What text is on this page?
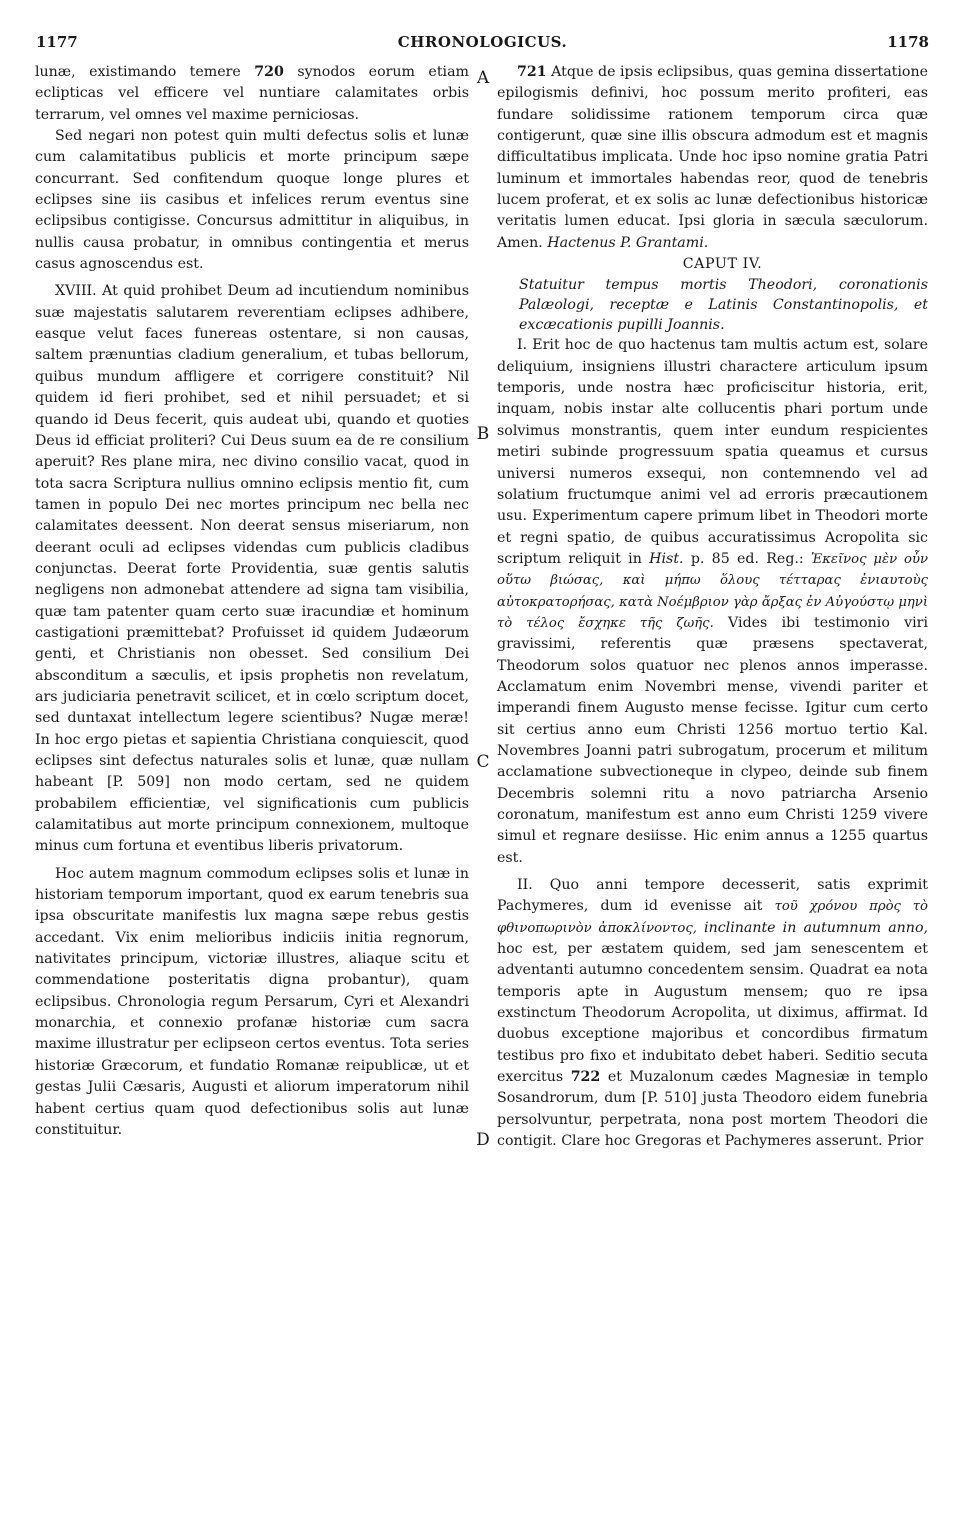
1177	CHRONOLOGICUS.	1178
A
B
C
D

lunæ, existimando temere 720 synodos eorum etiam eclipticas vel efficere vel nuntiare calamitates orbis terrarum, vel omnes vel maxime perniciosas.

Sed negari non potest quin multi defectus solis et lunæ cum calamitatibus publicis et morte principum sæpe concurrant. Sed confitendum quoque longe plures et eclipses sine iis casibus et infelices rerum eventus sine eclipsibus contigisse. Concursus admittitur in aliquibus, in nullis causa probatur, in omnibus contingentia et merus casus agnoscendus est.

XVIII. At quid prohibet Deum ad incutiendum nominibus suæ majestatis salutarem reverentiam eclipses adhibere, easque velut faces funereas ostentare, si non causas, saltem prænuntias cladium generalium, et tubas bellorum, quibus mundum affligere et corrigere constituit? Nil quidem id fieri prohibet, sed et nihil persuadet; et si quando id Deus fecerit, quis audeat ubi, quando et quoties Deus id efficiat proliteri? Cui Deus suum ea de re consilium aperuit? Res plane mira, nec divino consilio vacat, quod in tota sacra Scriptura nullius omnino eclipsis mentio fit, cum tamen in populo Dei nec mortes principum nec bella nec calamitates deessent. Non deerat sensus miseriarum, non deerant oculi ad eclipses videndas cum publicis cladibus conjunctas. Deerat forte Providentia, suæ gentis salutis negligens non admonebat attendere ad signa tam visibilia, quæ tam patenter quam certo suæ iracundiæ et hominum castigationi præmittebat? Profuisset id quidem Judæorum genti, et Christianis non obesset. Sed consilium Dei absconditum a sæculis, et ipsis prophetis non revelatum, ars judiciaria penetravit scilicet, et in cœlo scriptum docet, sed duntaxat intellectum legere scientibus? Nugæ meræ! In hoc ergo pietas et sapientia Christiana conquiescit, quod eclipses sint defectus naturales solis et lunæ, quæ nullam habeant [P. 509] non modo certam, sed ne quidem probabilem efficientiæ, vel significationis cum publicis calamitatibus aut morte principum connexionem, multoque minus cum fortuna et eventibus liberis privatorum.

Hoc autem magnum commodum eclipses solis et lunæ in historiam temporum important, quod ex earum tenebris sua ipsa obscuritate manifestis lux magna sæpe rebus gestis accedant. Vix enim melioribus indiciis initia regnorum, nativitates principum, victoriæ illustres, aliaque scitu et commendatione posteritatis digna probantur), quam eclipsibus. Chronologia regum Persarum, Cyri et Alexandri monarchia, et connexio profanæ historiæ cum sacra maxime illustratur per eclipseon certos eventus. Tota series historiæ Græcorum, et fundatio Romanæ reipublicæ, ut et gestas Julii Cæsaris, Augusti et aliorum imperatorum nihil habent certius quam quod defectionibus solis aut lunæ constituitur.

721 Atque de ipsis eclipsibus, quas gemina dissertatione epilogismis definivi, hoc possum merito profiteri, eas fundare solidissime rationem temporum circa quæ contigerunt, quæ sine illis obscura admodum est et magnis difficultatibus implicata. Unde hoc ipso nomine gratia Patri luminum et immortales habendas reor, quod de tenebris lucem proferat, et ex solis ac lunæ defectionibus historicæ veritatis lumen educat. Ipsi gloria in sæcula sæculorum. Amen. Hactenus P. Grantami.

CAPUT IV.

Statuitur tempus mortis Theodori, coronationis Palæologi, receptæ e Latinis Constantinopolis, et excæcationis pupilli Joannis.

I. Erit hoc de quo hactenus tam multis actum est, solare deliquium, insigniens illustri charactere articulum ipsum temporis, unde nostra hæc proficiscitur historia, erit, inquam, nobis instar alte collucentis phari portum unde solvimus monstrantis, quem inter eundum respicientes metiri subinde progressuum spatia queamus et cursus universi numeros exsequi, non contemnendo vel ad solatium fructumque animi vel ad erroris præcautionem usu. Experimentum capere primum libet in Theodori morte et regni spatio, de quibus accuratissimus Acropolita sic scriptum reliquit in Hist. p. 85 ed. Reg.: Ἐκεῖνος μὲν οὖν οὕτω βιώσας, καὶ μήπω ὅλους τέτταρας ἐνιαυτοὺς αὐτοκρατορήσας, κατὰ Νοέμβριον γὰρ ἄρξας ἐν Αὐγούστῳ μηνὶ τὸ τέλος ἔσχηκε τῆς ζωῆς. Vides ibi testimonio viri gravissimi, referentis quæ præsens spectaverat, Theodorum solos quatuor nec plenos annos imperasse. Acclamatum enim Novembri mense, vivendi pariter et imperandi finem Augusto mense fecisse. Igitur cum certo sit certius anno eum Christi 1256 mortuo tertio Kal. Novembres Joanni patri subrogatum, procerum et militum acclamatione subvectioneque in clypeo, deinde sub finem Decembris solemni ritu a novo patriarcha Arsenio coronatum, manifestum est anno eum Christi 1259 vivere simul et regnare desiisse. Hic enim annus a 1255 quartus est.

II. Quo anni tempore decesserit, satis exprimit Pachymeres, dum id evenisse ait τοῦ χρόνου πρὸς τὸ φθινοπωρινὸν ἀποκλίνοντος, inclinante in autumnum anno, hoc est, per æstatem quidem, sed jam senescentem et adventanti autumno concedentem sensim. Quadrat ea nota temporis apte in Augustum mensem; quo re ipsa exstinctum Theodorum Acropolita, ut diximus, affirmat. Id duobus exceptione majoribus et concordibus firmatum testibus pro fixo et indubitato debet haberi. Seditio secuta exercitus 722 et Muzalonum cædes Magnesiæ in templo Sosandrorum, dum [P. 510] justa Theodoro eidem funebria persolvuntur, perpetrata, nona post mortem Theodori die contigit. Clare hoc Gregoras et Pachymeres asserunt. Prior
